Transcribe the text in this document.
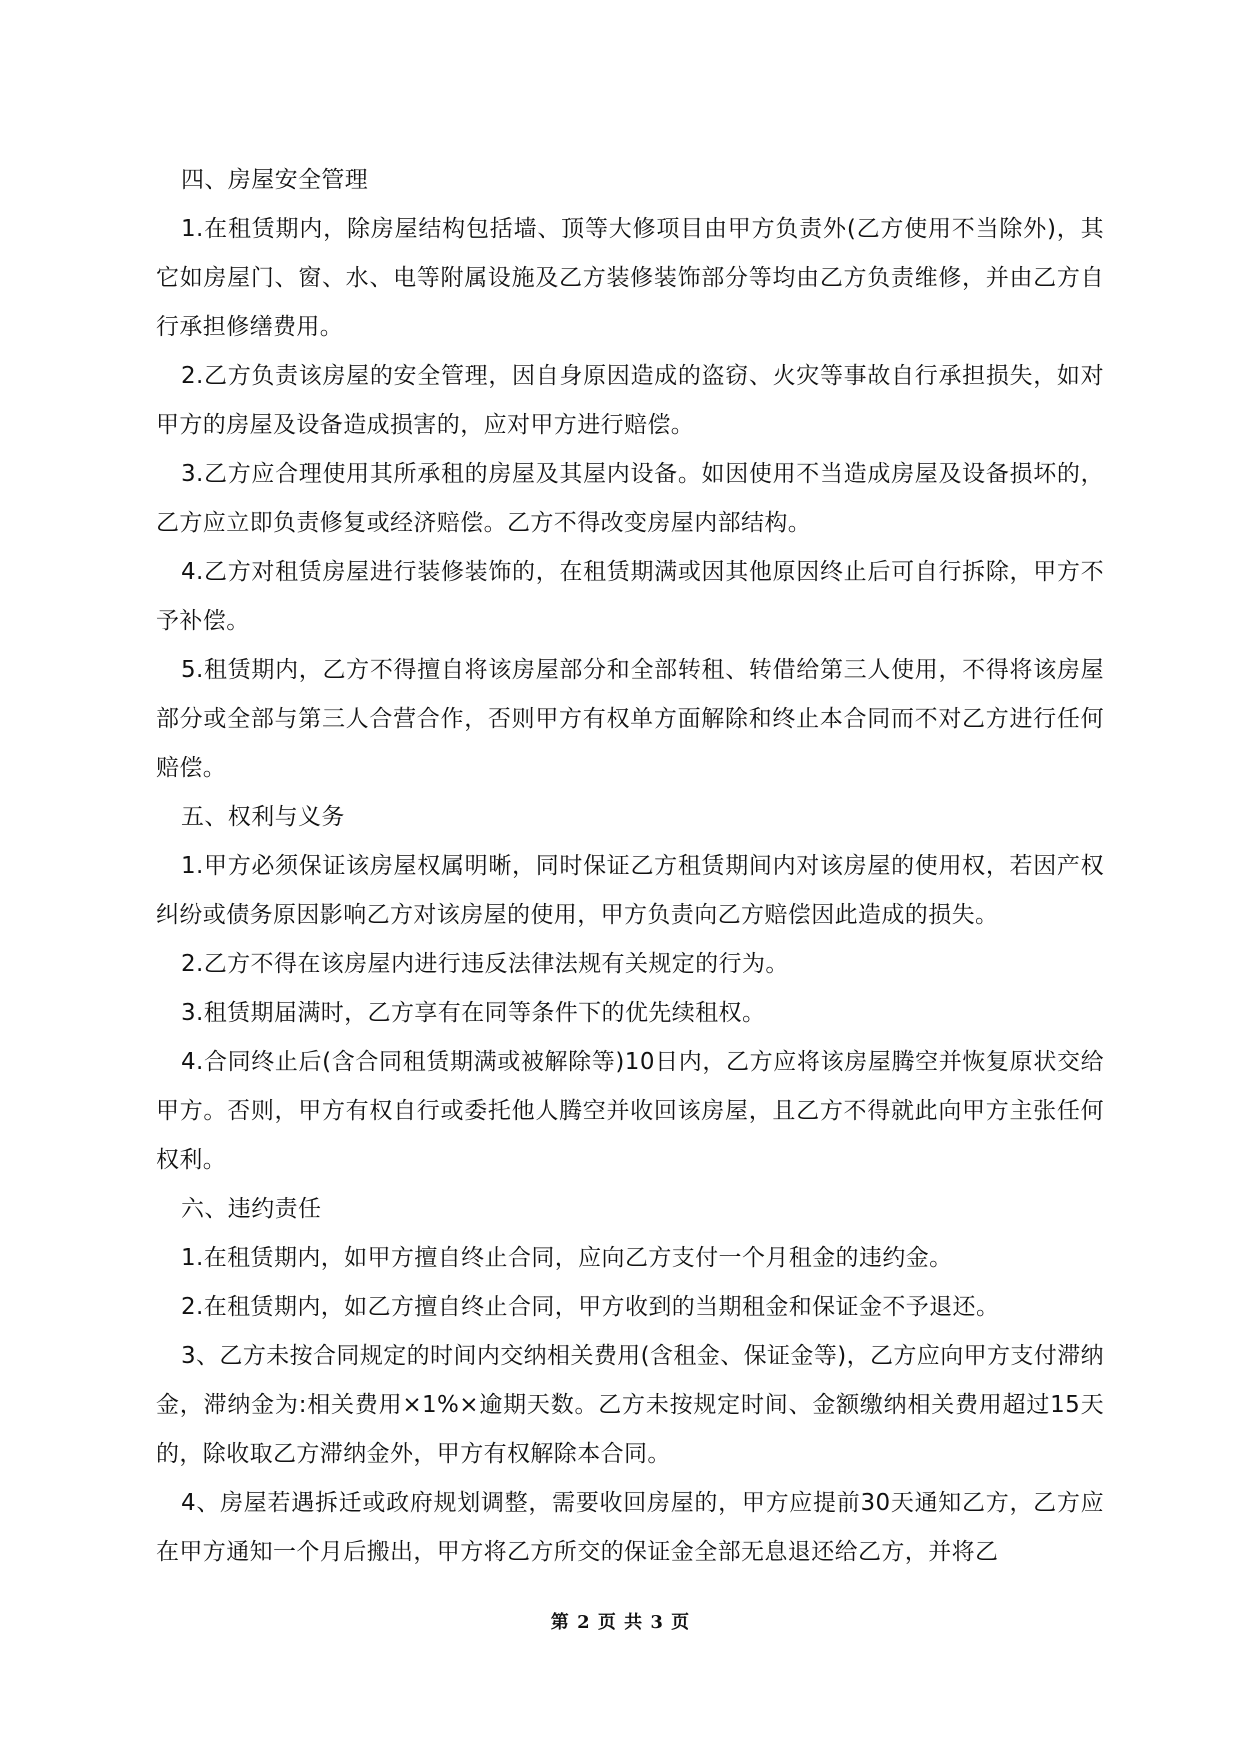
四、房屋安全管理

1.在租赁期内，除房屋结构包括墙、顶等大修项目由甲方负责外(乙方使用不当除外)，其它如房屋门、窗、水、电等附属设施及乙方装修装饰部分等均由乙方负责维修，并由乙方自行承担修缮费用。

2.乙方负责该房屋的安全管理，因自身原因造成的盗窃、火灾等事故自行承担损失，如对甲方的房屋及设备造成损害的，应对甲方进行赔偿。

3.乙方应合理使用其所承租的房屋及其屋内设备。如因使用不当造成房屋及设备损坏的，乙方应立即负责修复或经济赔偿。乙方不得改变房屋内部结构。

4.乙方对租赁房屋进行装修装饰的，在租赁期满或因其他原因终止后可自行拆除，甲方不予补偿。

5.租赁期内，乙方不得擅自将该房屋部分和全部转租、转借给第三人使用，不得将该房屋部分或全部与第三人合营合作，否则甲方有权单方面解除和终止本合同而不对乙方进行任何赔偿。

五、权利与义务

1.甲方必须保证该房屋权属明晰，同时保证乙方租赁期间内对该房屋的使用权，若因产权纠纷或债务原因影响乙方对该房屋的使用，甲方负责向乙方赔偿因此造成的损失。

2.乙方不得在该房屋内进行违反法律法规有关规定的行为。

3.租赁期届满时，乙方享有在同等条件下的优先续租权。

4.合同终止后(含合同租赁期满或被解除等)10日内，乙方应将该房屋腾空并恢复原状交给甲方。否则，甲方有权自行或委托他人腾空并收回该房屋，且乙方不得就此向甲方主张任何权利。

六、违约责任

1.在租赁期内，如甲方擅自终止合同，应向乙方支付一个月租金的违约金。

2.在租赁期内，如乙方擅自终止合同，甲方收到的当期租金和保证金不予退还。

3、乙方未按合同规定的时间内交纳相关费用(含租金、保证金等)，乙方应向甲方支付滞纳金，滞纳金为:相关费用×1%×逾期天数。乙方未按规定时间、金额缴纳相关费用超过15天的，除收取乙方滞纳金外，甲方有权解除本合同。

4、房屋若遇拆迁或政府规划调整，需要收回房屋的，甲方应提前30天通知乙方，乙方应在甲方通知一个月后搬出，甲方将乙方所交的保证金全部无息退还给乙方，并将乙

第 2 页 共 3 页
